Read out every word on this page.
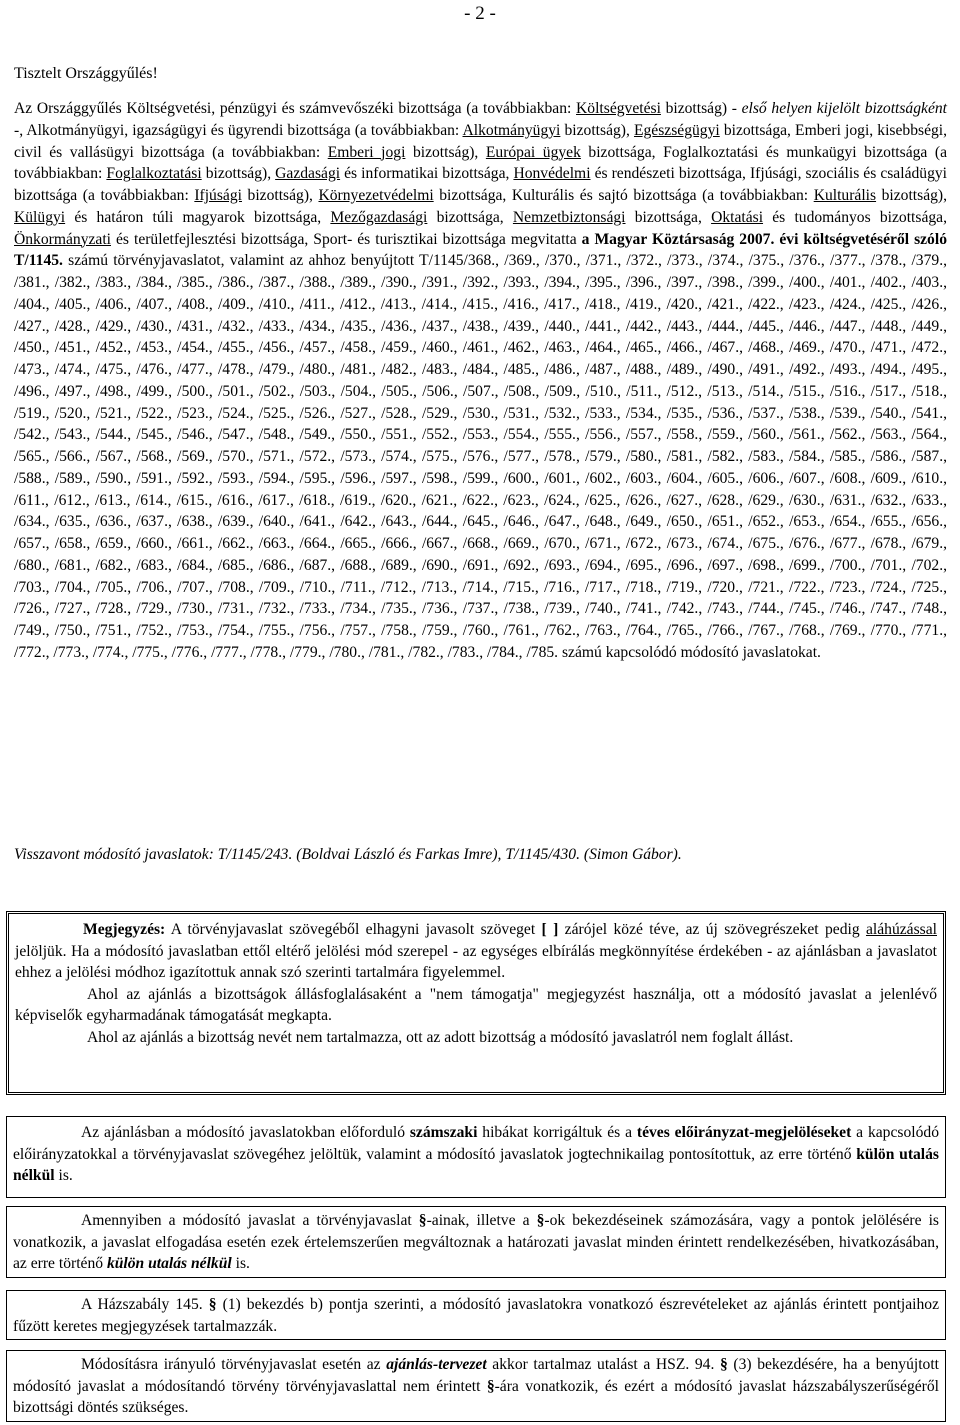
- 2 -
Tisztelt Országgyűlés!

Az Országgyűlés Költségvetési, pénzügyi és számvevőszéki bizottsága (a továbbiakban: Költségvetési bizottság) - első helyen kijelölt bizottságként -, Alkotmányügyi, igazságügyi és ügyrendi bizottsága (a továbbiakban: Alkotmányügyi bizottság), Egészségügyi bizottsága, Emberi jogi, kisebbségi, civil és vallásügyi bizottsága (a továbbiakban: Emberi jogi bizottság), Európai ügyek bizottsága, Foglalkoztatási és munkaügyi bizottsága (a továbbiakban: Foglalkoztatási bizottság), Gazdasági és informatikai bizottsága, Honvédelmi és rendészeti bizottsága, Ifjúsági, szociális és családügyi bizottsága (a továbbiakban: Ifjúsági bizottság), Környezetvédelmi bizottsága, Kulturális és sajtó bizottsága (a továbbiakban: Kulturális bizottság), Külügyi és határon túli magyarok bizottsága, Mezőgazdasági bizottsága, Nemzetbiztonsági bizottsága, Oktatási és tudományos bizottsága, Önkormányzati és területfejlesztési bizottsága, Sport- és turisztikai bizottsága megvitatta a Magyar Köztársaság 2007. évi költségvetéséről szóló T/1145. számú törvényjavaslatot, valamint az ahhoz benyújtott T/1145/368., /369., /370., /371., /372., /373., /374., /375., /376., /377., /378., /379., /381., /382., /383., /384., /385., /386., /387., /388., /389., /390., /391., /392., /393., /394., /395., /396., /397., /398., /399., /400., /401., /402., /403., /404., /405., /406., /407., /408., /409., /410., /411., /412., /413., /414., /415., /416., /417., /418., /419., /420., /421., /422., /423., /424., /425., /426., /427., /428., /429., /430., /431., /432., /433., /434., /435., /436., /437., /438., /439., /440., /441., /442., /443., /444., /445., /446., /447., /448., /449., /450., /451., /452., /453., /454., /455., /456., /457., /458., /459., /460., /461., /462., /463., /464., /465., /466., /467., /468., /469., /470., /471., /472., /473., /474., /475., /476., /477., /478., /479., /480., /481., /482., /483., /484., /485., /486., /487., /488., /489., /490., /491., /492., /493., /494., /495., /496., /497., /498., /499., /500., /501., /502., /503., /504., /505., /506., /507., /508., /509., /510., /511., /512., /513., /514., /515., /516., /517., /518., /519., /520., /521., /522., /523., /524., /525., /526., /527., /528., /529., /530., /531., /532., /533., /534., /535., /536., /537., /538., /539., /540., /541., /542., /543., /544., /545., /546., /547., /548., /549., /550., /551., /552., /553., /554., /555., /556., /557., /558., /559., /560., /561., /562., /563., /564., /565., /566., /567., /568., /569., /570., /571., /572., /573., /574., /575., /576., /577., /578., /579., /580., /581., /582., /583., /584., /585., /586., /587., /588., /589., /590., /591., /592., /593., /594., /595., /596., /597., /598., /599., /600., /601., /602., /603., /604., /605., /606., /607., /608., /609., /610., /611., /612., /613., /614., /615., /616., /617., /618., /619., /620., /621., /622., /623., /624., /625., /626., /627., /628., /629., /630., /631., /632., /633., /634., /635., /636., /637., /638., /639., /640., /641., /642., /643., /644., /645., /646., /647., /648., /649., /650., /651., /652., /653., /654., /655., /656., /657., /658., /659., /660., /661., /662., /663., /664., /665., /666., /667., /668., /669., /670., /671., /672., /673., /674., /675., /676., /677., /678., /679., /680., /681., /682., /683., /684., /685., /686., /687., /688., /689., /690., /691., /692., /693., /694., /695., /696., /697., /698., /699., /700., /701., /702., /703., /704., /705., /706., /707., /708., /709., /710., /711., /712., /713., /714., /715., /716., /717., /718., /719., /720., /721., /722., /723., /724., /725., /726., /727., /728., /729., /730., /731., /732., /733., /734., /735., /736., /737., /738., /739., /740., /741., /742., /743., /744., /745., /746., /747., /748., /749., /750., /751., /752., /753., /754., /755., /756., /757., /758., /759., /760., /761., /762., /763., /764., /765., /766., /767., /768., /769., /770., /771., /772., /773., /774., /775., /776., /777., /778., /779., /780., /781., /782., /783., /784., /785. számú kapcsolódó módosító javaslatokat.

Visszavont módosító javaslatok: T/1145/243. (Boldvai László és Farkas Imre), T/1145/430. (Simon Gábor).

Megjegyzés: A törvényjavaslat szövegéből elhagyni javasolt szöveget [ ] zárójel közé téve, az új szövegrészeket pedig aláhúzással jelöljük. Ha a módosító javaslatban ettől eltérő jelölési mód szerepel - az egységes elbírálás megkönnyítése érdekében - az ajánlásban a javaslatot ehhez a jelölési módhoz igazítottuk annak szó szerinti tartalmára figyelemmel.

Ahol az ajánlás a bizottságok állásfoglalásaként a "nem támogatja" megjegyzést használja, ott a módosító javaslat a jelenlévő képviselők egyharmadának támogatását megkapta.

Ahol az ajánlás a bizottság nevét nem tartalmazza, ott az adott bizottság a módosító javaslatról nem foglalt állást.

Az ajánlásban a módosító javaslatokban előforduló számszaki hibákat korrigáltuk és a téves előirányzat-megjelöléseket a kapcsolódó előirányzatokkal a törvényjavaslat szövegéhez jelöltük, valamint a módosító javaslatok jogtechnikailag pontosítottuk, az erre történő külön utalás nélkül is.

Amennyiben a módosító javaslat a törvényjavaslat §-ainak, illetve a §-ok bekezdéseinek számozására, vagy a pontok jelölésére is vonatkozik, a javaslat elfogadása esetén ezek értelemszerűen megváltoznak a határozati javaslat minden érintett rendelkezésében, hivatkozásában, az erre történő külön utalás nélkül is.

A Házszabály 145. § (1) bekezdés b) pontja szerinti, a módosító javaslatokra vonatkozó észrevételeket az ajánlás érintett pontjaihoz fűzött keretes megjegyzések tartalmazzák.

Módosításra irányuló törvényjavaslat esetén az ajánlás-tervezet akkor tartalmaz utalást a HSZ. 94. § (3) bekezdésére, ha a benyújtott módosító javaslat a módosítandó törvény törvényjavaslattal nem érintett §-ára vonatkozik, és ezért a módosító javaslat házszabályszerűségéről bizottsági döntés szükséges.
